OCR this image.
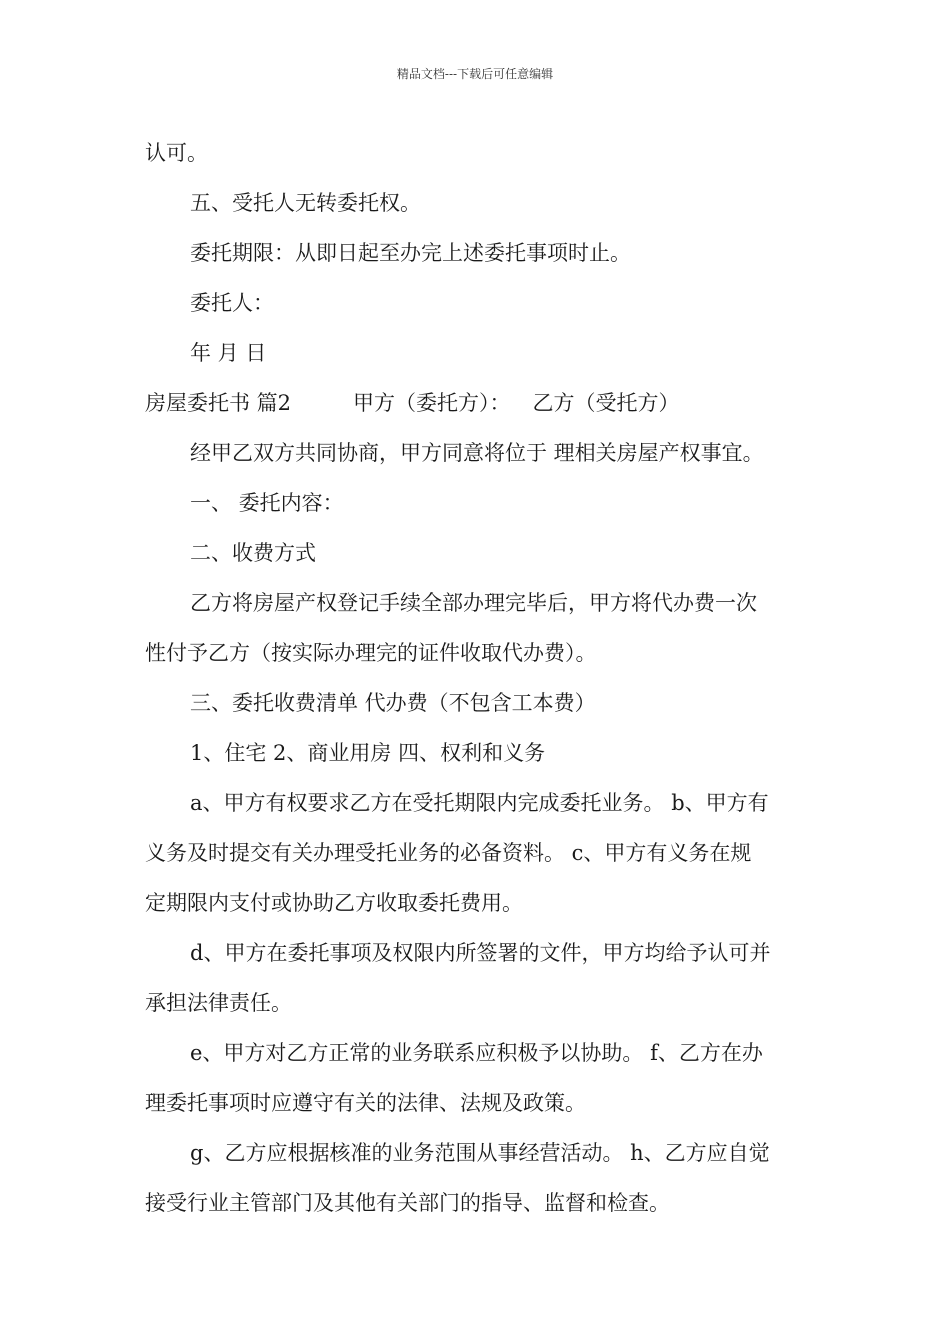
精品文档---下载后可任意编辑
认可。
五、受托人无转委托权。
委托期限：从即日起至办完上述委托事项时止。
委托人：
年 月 日
房屋委托书 篇2	甲方（委托方）： 乙方（受托方）
经甲乙双方共同协商，甲方同意将位于 理相关房屋产权事宜。
一、 委托内容：
二、收费方式
乙方将房屋产权登记手续全部办理完毕后，甲方将代办费一次
性付予乙方（按实际办理完的证件收取代办费）。
三、委托收费清单 代办费（不包含工本费）
1、住宅 2、商业用房 四、权利和义务
a、甲方有权要求乙方在受托期限内完成委托业务。 b、甲方有
义务及时提交有关办理受托业务的必备资料。 c、甲方有义务在规
定期限内支付或协助乙方收取委托费用。
d、甲方在委托事项及权限内所签署的文件，甲方均给予认可并
承担法律责任。
e、甲方对乙方正常的业务联系应积极予以协助。 f、乙方在办
理委托事项时应遵守有关的法律、法规及政策。
g、乙方应根据核准的业务范围从事经营活动。 h、乙方应自觉
接受行业主管部门及其他有关部门的指导、监督和检查。
